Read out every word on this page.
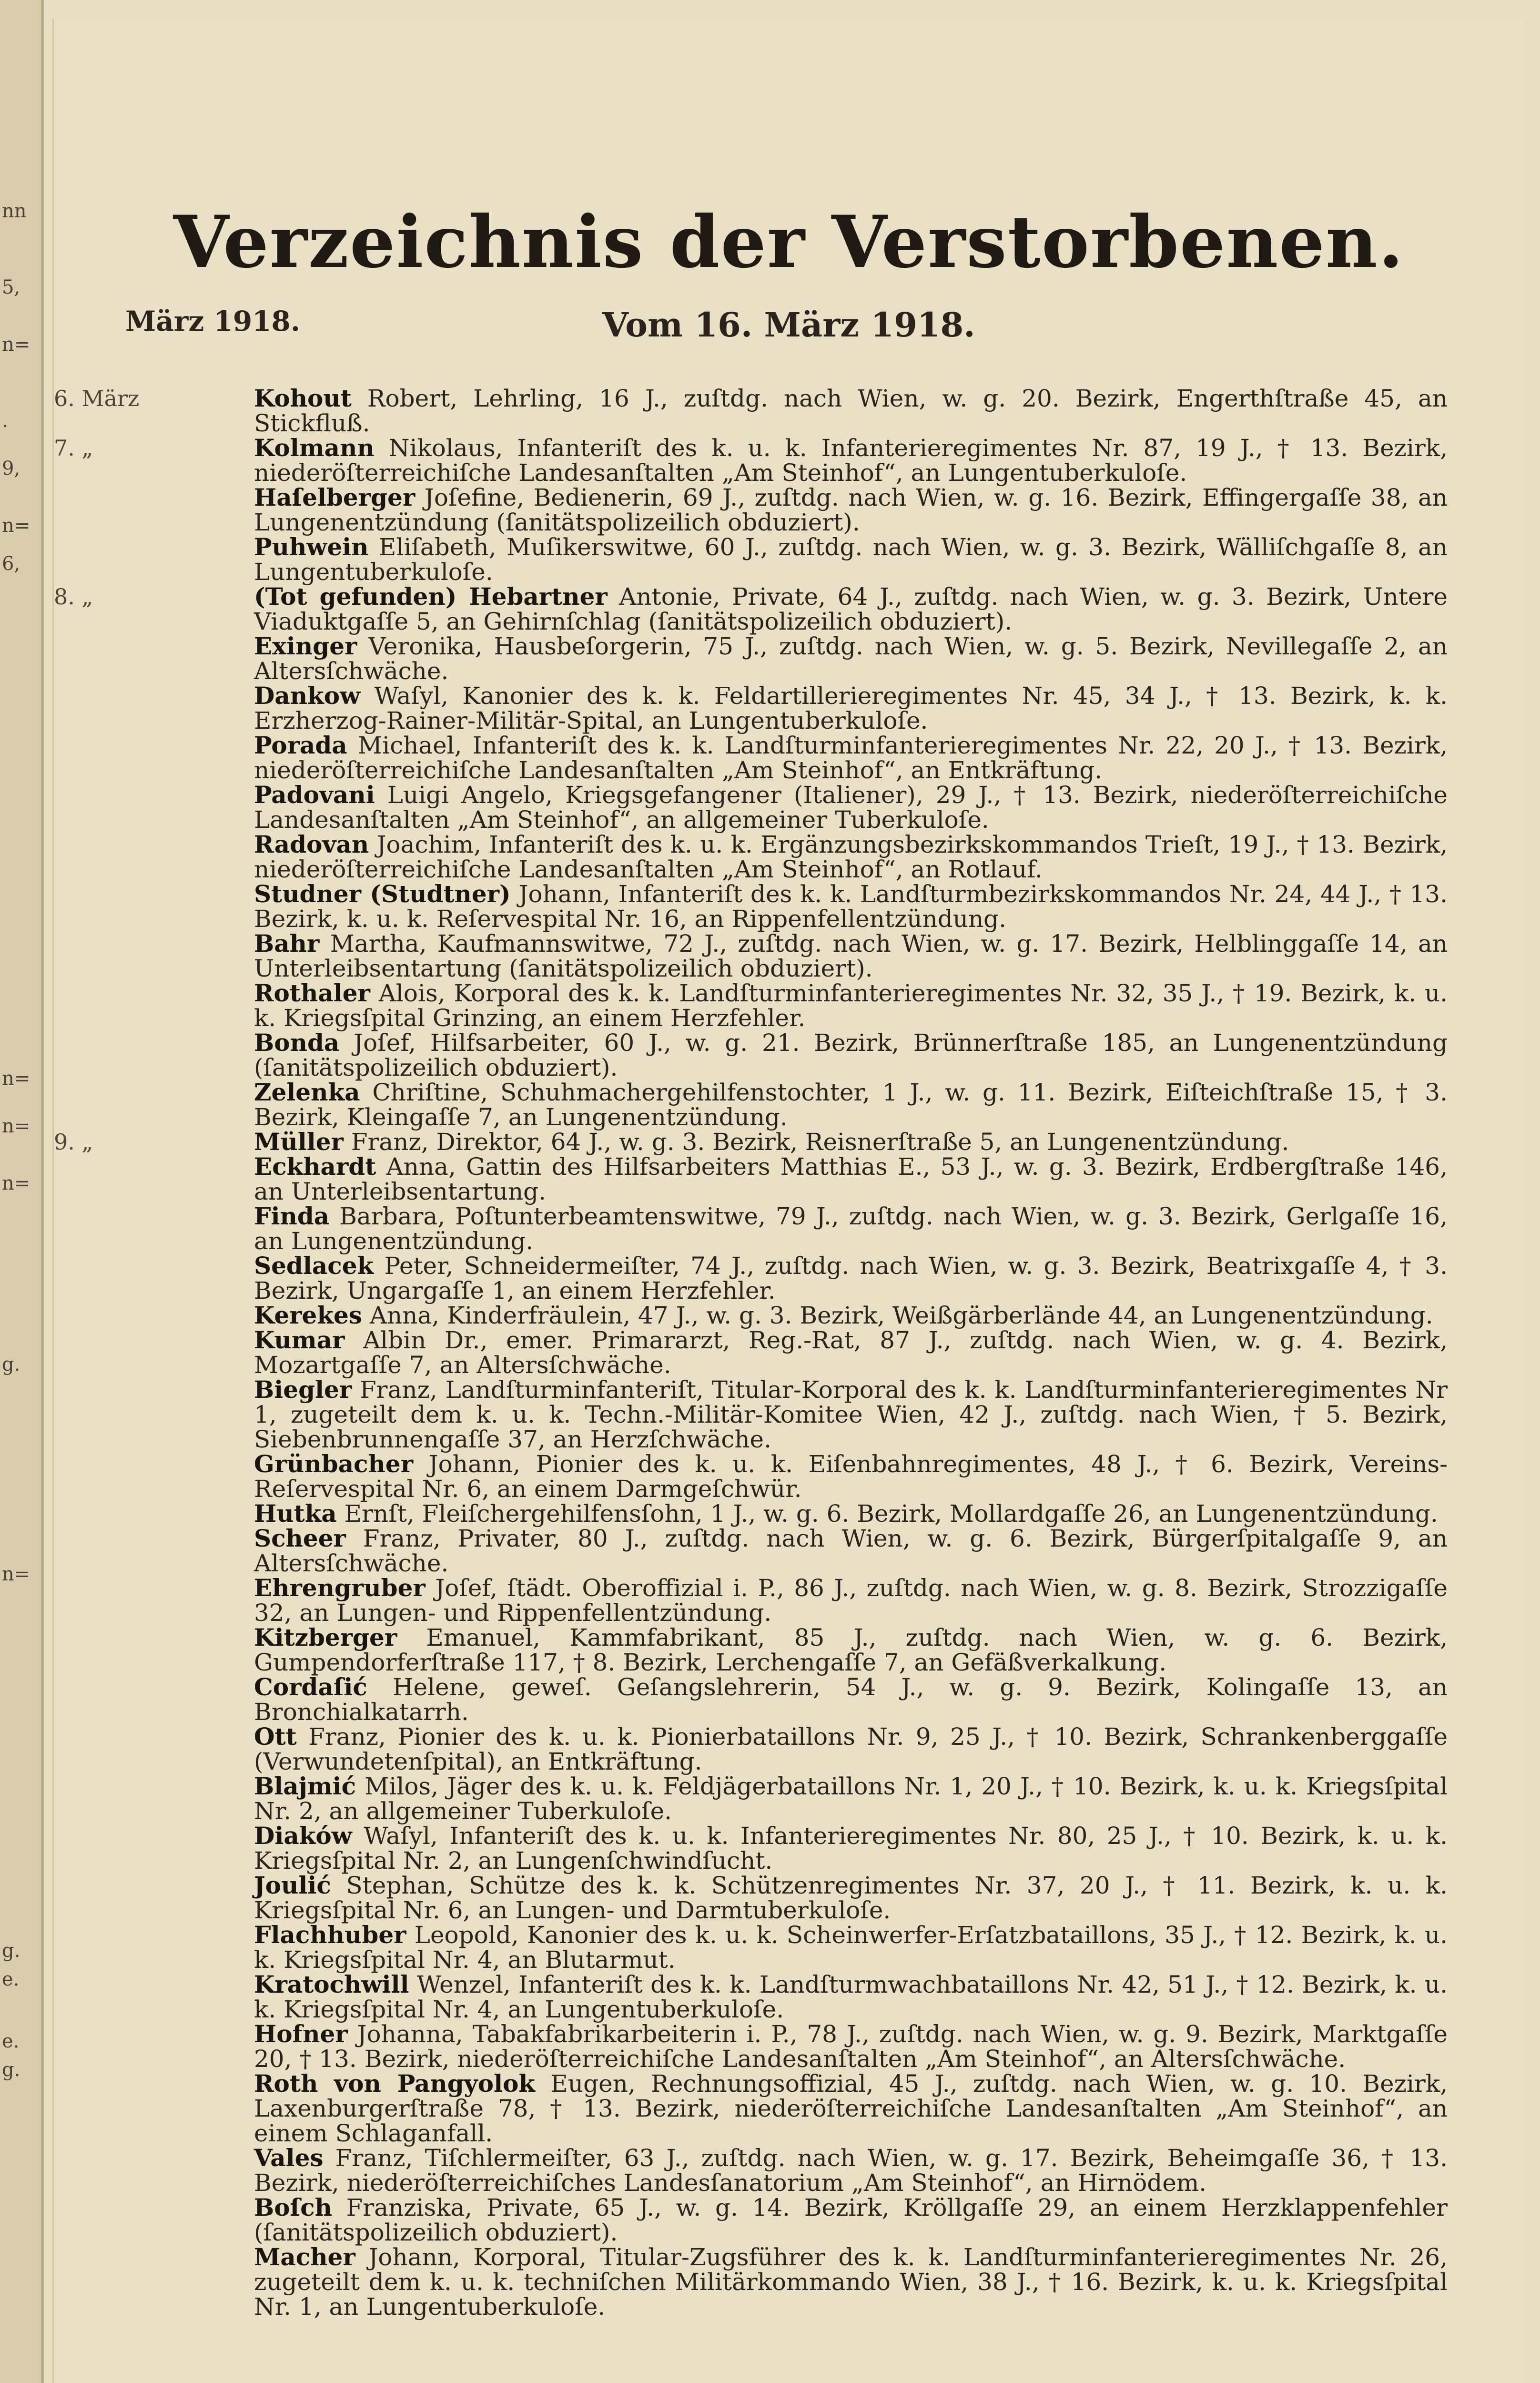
nn
5,
n=
.
9,
n=
6,
n=
n=
n=
g.
n=
g.
e.
e.
g.
Verzeichnis der Verstorbenen.
März 1918.	Vom 16. März 1918.
6. März	Kohout Robert, Lehrling, 16 J., zuſtdg. nach Wien, w. g. 20. Bezirk, Engerthſtraße 45, an Stickfluß.
7. „	Kolmann Nikolaus, Infanteriſt des k. u. k. Infanterieregimentes Nr. 87, 19 J., † 13. Bezirk, niederöſterreichiſche Landesanſtalten „Am Steinhof“, an Lungentuberkuloſe.
Haſelberger Joſefine, Bedienerin, 69 J., zuſtdg. nach Wien, w. g. 16. Bezirk, Effingergaſſe 38, an Lungenentzündung (ſanitätspolizeilich obduziert).
Puhwein Eliſabeth, Muſikerswitwe, 60 J., zuſtdg. nach Wien, w. g. 3. Bezirk, Wälliſchgaſſe 8, an Lungentuberkuloſe.
8. „	(Tot gefunden) Hebartner Antonie, Private, 64 J., zuſtdg. nach Wien, w. g. 3. Bezirk, Untere Viaduktgaſſe 5, an Gehirnſchlag (ſanitätspolizeilich obduziert).
Exinger Veronika, Hausbeſorgerin, 75 J., zuſtdg. nach Wien, w. g. 5. Bezirk, Nevillegaſſe 2, an Altersſchwäche.
Dankow Waſyl, Kanonier des k. k. Feldartillerieregimentes Nr. 45, 34 J., † 13. Bezirk, k. k. Erzherzog-Rainer-Militär-Spital, an Lungentuberkuloſe.
Porada Michael, Infanteriſt des k. k. Landſturminfanterieregimentes Nr. 22, 20 J., † 13. Bezirk, niederöſterreichiſche Landesanſtalten „Am Steinhof“, an Entkräftung.
Padovani Luigi Angelo, Kriegsgefangener (Italiener), 29 J., † 13. Bezirk, niederöſterreichiſche Landesanſtalten „Am Steinhof“, an allgemeiner Tuberkuloſe.
Radovan Joachim, Infanteriſt des k. u. k. Ergänzungsbezirkskommandos Trieſt, 19 J., † 13. Bezirk, niederöſterreichiſche Landesanſtalten „Am Steinhof“, an Rotlauf.
Studner (Studtner) Johann, Infanteriſt des k. k. Landſturmbezirkskommandos Nr. 24, 44 J., † 13. Bezirk, k. u. k. Reſervespital Nr. 16, an Rippenfellentzündung.
Bahr Martha, Kaufmannswitwe, 72 J., zuſtdg. nach Wien, w. g. 17. Bezirk, Helblinggaſſe 14, an Unterleibsentartung (ſanitätspolizeilich obduziert).
Rothaler Alois, Korporal des k. k. Landſturminfanterieregimentes Nr. 32, 35 J., † 19. Bezirk, k. u. k. Kriegsſpital Grinzing, an einem Herzfehler.
Bonda Joſef, Hilfsarbeiter, 60 J., w. g. 21. Bezirk, Brünnerſtraße 185, an Lungenentzündung (ſanitätspolizeilich obduziert).
Zelenka Chriſtine, Schuhmachergehilfenstochter, 1 J., w. g. 11. Bezirk, Eiſteichſtraße 15, † 3. Bezirk, Kleingaſſe 7, an Lungenentzündung.
9. „	Müller Franz, Direktor, 64 J., w. g. 3. Bezirk, Reisnerſtraße 5, an Lungenentzündung.
Eckhardt Anna, Gattin des Hilfsarbeiters Matthias E., 53 J., w. g. 3. Bezirk, Erdbergſtraße 146, an Unterleibsentartung.
Finda Barbara, Poſtunterbeamtenswitwe, 79 J., zuſtdg. nach Wien, w. g. 3. Bezirk, Gerlgaſſe 16, an Lungenentzündung.
Sedlacek Peter, Schneidermeiſter, 74 J., zuſtdg. nach Wien, w. g. 3. Bezirk, Beatrixgaſſe 4, † 3. Bezirk, Ungargaſſe 1, an einem Herzfehler.
Kerekes Anna, Kinderfräulein, 47 J., w. g. 3. Bezirk, Weißgärberlände 44, an Lungenentzündung.
Kumar Albin Dr., emer. Primararzt, Reg.-Rat, 87 J., zuſtdg. nach Wien, w. g. 4. Bezirk, Mozartgaſſe 7, an Altersſchwäche.
Biegler Franz, Landſturminfanteriſt, Titular-Korporal des k. k. Landſturminfanterieregimentes Nr 1, zugeteilt dem k. u. k. Techn.-Militär-Komitee Wien, 42 J., zuſtdg. nach Wien, † 5. Bezirk, Siebenbrunnengaſſe 37, an Herzſchwäche.
Grünbacher Johann, Pionier des k. u. k. Eiſenbahnregimentes, 48 J., † 6. Bezirk, Vereins-Reſervespital Nr. 6, an einem Darmgeſchwür.
Hutka Ernſt, Fleiſchergehilfensſohn, 1 J., w. g. 6. Bezirk, Mollardgaſſe 26, an Lungenentzündung.
Scheer Franz, Privater, 80 J., zuſtdg. nach Wien, w. g. 6. Bezirk, Bürgerſpitalgaſſe 9, an Altersſchwäche.
Ehrengruber Joſef, ſtädt. Oberoffizial i. P., 86 J., zuſtdg. nach Wien, w. g. 8. Bezirk, Strozzigaſſe 32, an Lungen- und Rippenfellentzündung.
Kitzberger Emanuel, Kammfabrikant, 85 J., zuſtdg. nach Wien, w. g. 6. Bezirk, Gumpendorferſtraße 117, † 8. Bezirk, Lerchengaſſe 7, an Gefäßverkalkung.
Cordaſić Helene, geweſ. Geſangslehrerin, 54 J., w. g. 9. Bezirk, Kolingaſſe 13, an Bronchialkatarrh.
Ott Franz, Pionier des k. u. k. Pionierbataillons Nr. 9, 25 J., † 10. Bezirk, Schrankenberggaſſe (Verwundetenſpital), an Entkräftung.
Blajmić Milos, Jäger des k. u. k. Feldjägerbataillons Nr. 1, 20 J., † 10. Bezirk, k. u. k. Kriegsſpital Nr. 2, an allgemeiner Tuberkuloſe.
Diaków Waſyl, Infanteriſt des k. u. k. Infanterieregimentes Nr. 80, 25 J., † 10. Bezirk, k. u. k. Kriegsſpital Nr. 2, an Lungenſchwindſucht.
Joulić Stephan, Schütze des k. k. Schützenregimentes Nr. 37, 20 J., † 11. Bezirk, k. u. k. Kriegsſpital Nr. 6, an Lungen- und Darmtuberkuloſe.
Flachhuber Leopold, Kanonier des k. u. k. Scheinwerfer-Erſatzbataillons, 35 J., † 12. Bezirk, k. u. k. Kriegsſpital Nr. 4, an Blutarmut.
Kratochwill Wenzel, Infanteriſt des k. k. Landſturmwachbataillons Nr. 42, 51 J., † 12. Bezirk, k. u. k. Kriegsſpital Nr. 4, an Lungentuberkuloſe.
Hofner Johanna, Tabakfabrikarbeiterin i. P., 78 J., zuſtdg. nach Wien, w. g. 9. Bezirk, Marktgaſſe 20, † 13. Bezirk, niederöſterreichiſche Landesanſtalten „Am Steinhof“, an Altersſchwäche.
Roth von Pangyolok Eugen, Rechnungsoffizial, 45 J., zuſtdg. nach Wien, w. g. 10. Bezirk, Laxenburgerſtraße 78, † 13. Bezirk, niederöſterreichiſche Landesanſtalten „Am Steinhof“, an einem Schlaganfall.
Vales Franz, Tiſchlermeiſter, 63 J., zuſtdg. nach Wien, w. g. 17. Bezirk, Beheimgaſſe 36, † 13. Bezirk, niederöſterreichiſches Landesſanatorium „Am Steinhof“, an Hirnödem.
Boſch Franziska, Private, 65 J., w. g. 14. Bezirk, Kröllgaſſe 29, an einem Herzklappenfehler (ſanitätspolizeilich obduziert).
Macher Johann, Korporal, Titular-Zugsführer des k. k. Landſturminfanterieregimentes Nr. 26, zugeteilt dem k. u. k. techniſchen Militärkommando Wien, 38 J., † 16. Bezirk, k. u. k. Kriegsſpital Nr. 1, an Lungentuberkuloſe.
